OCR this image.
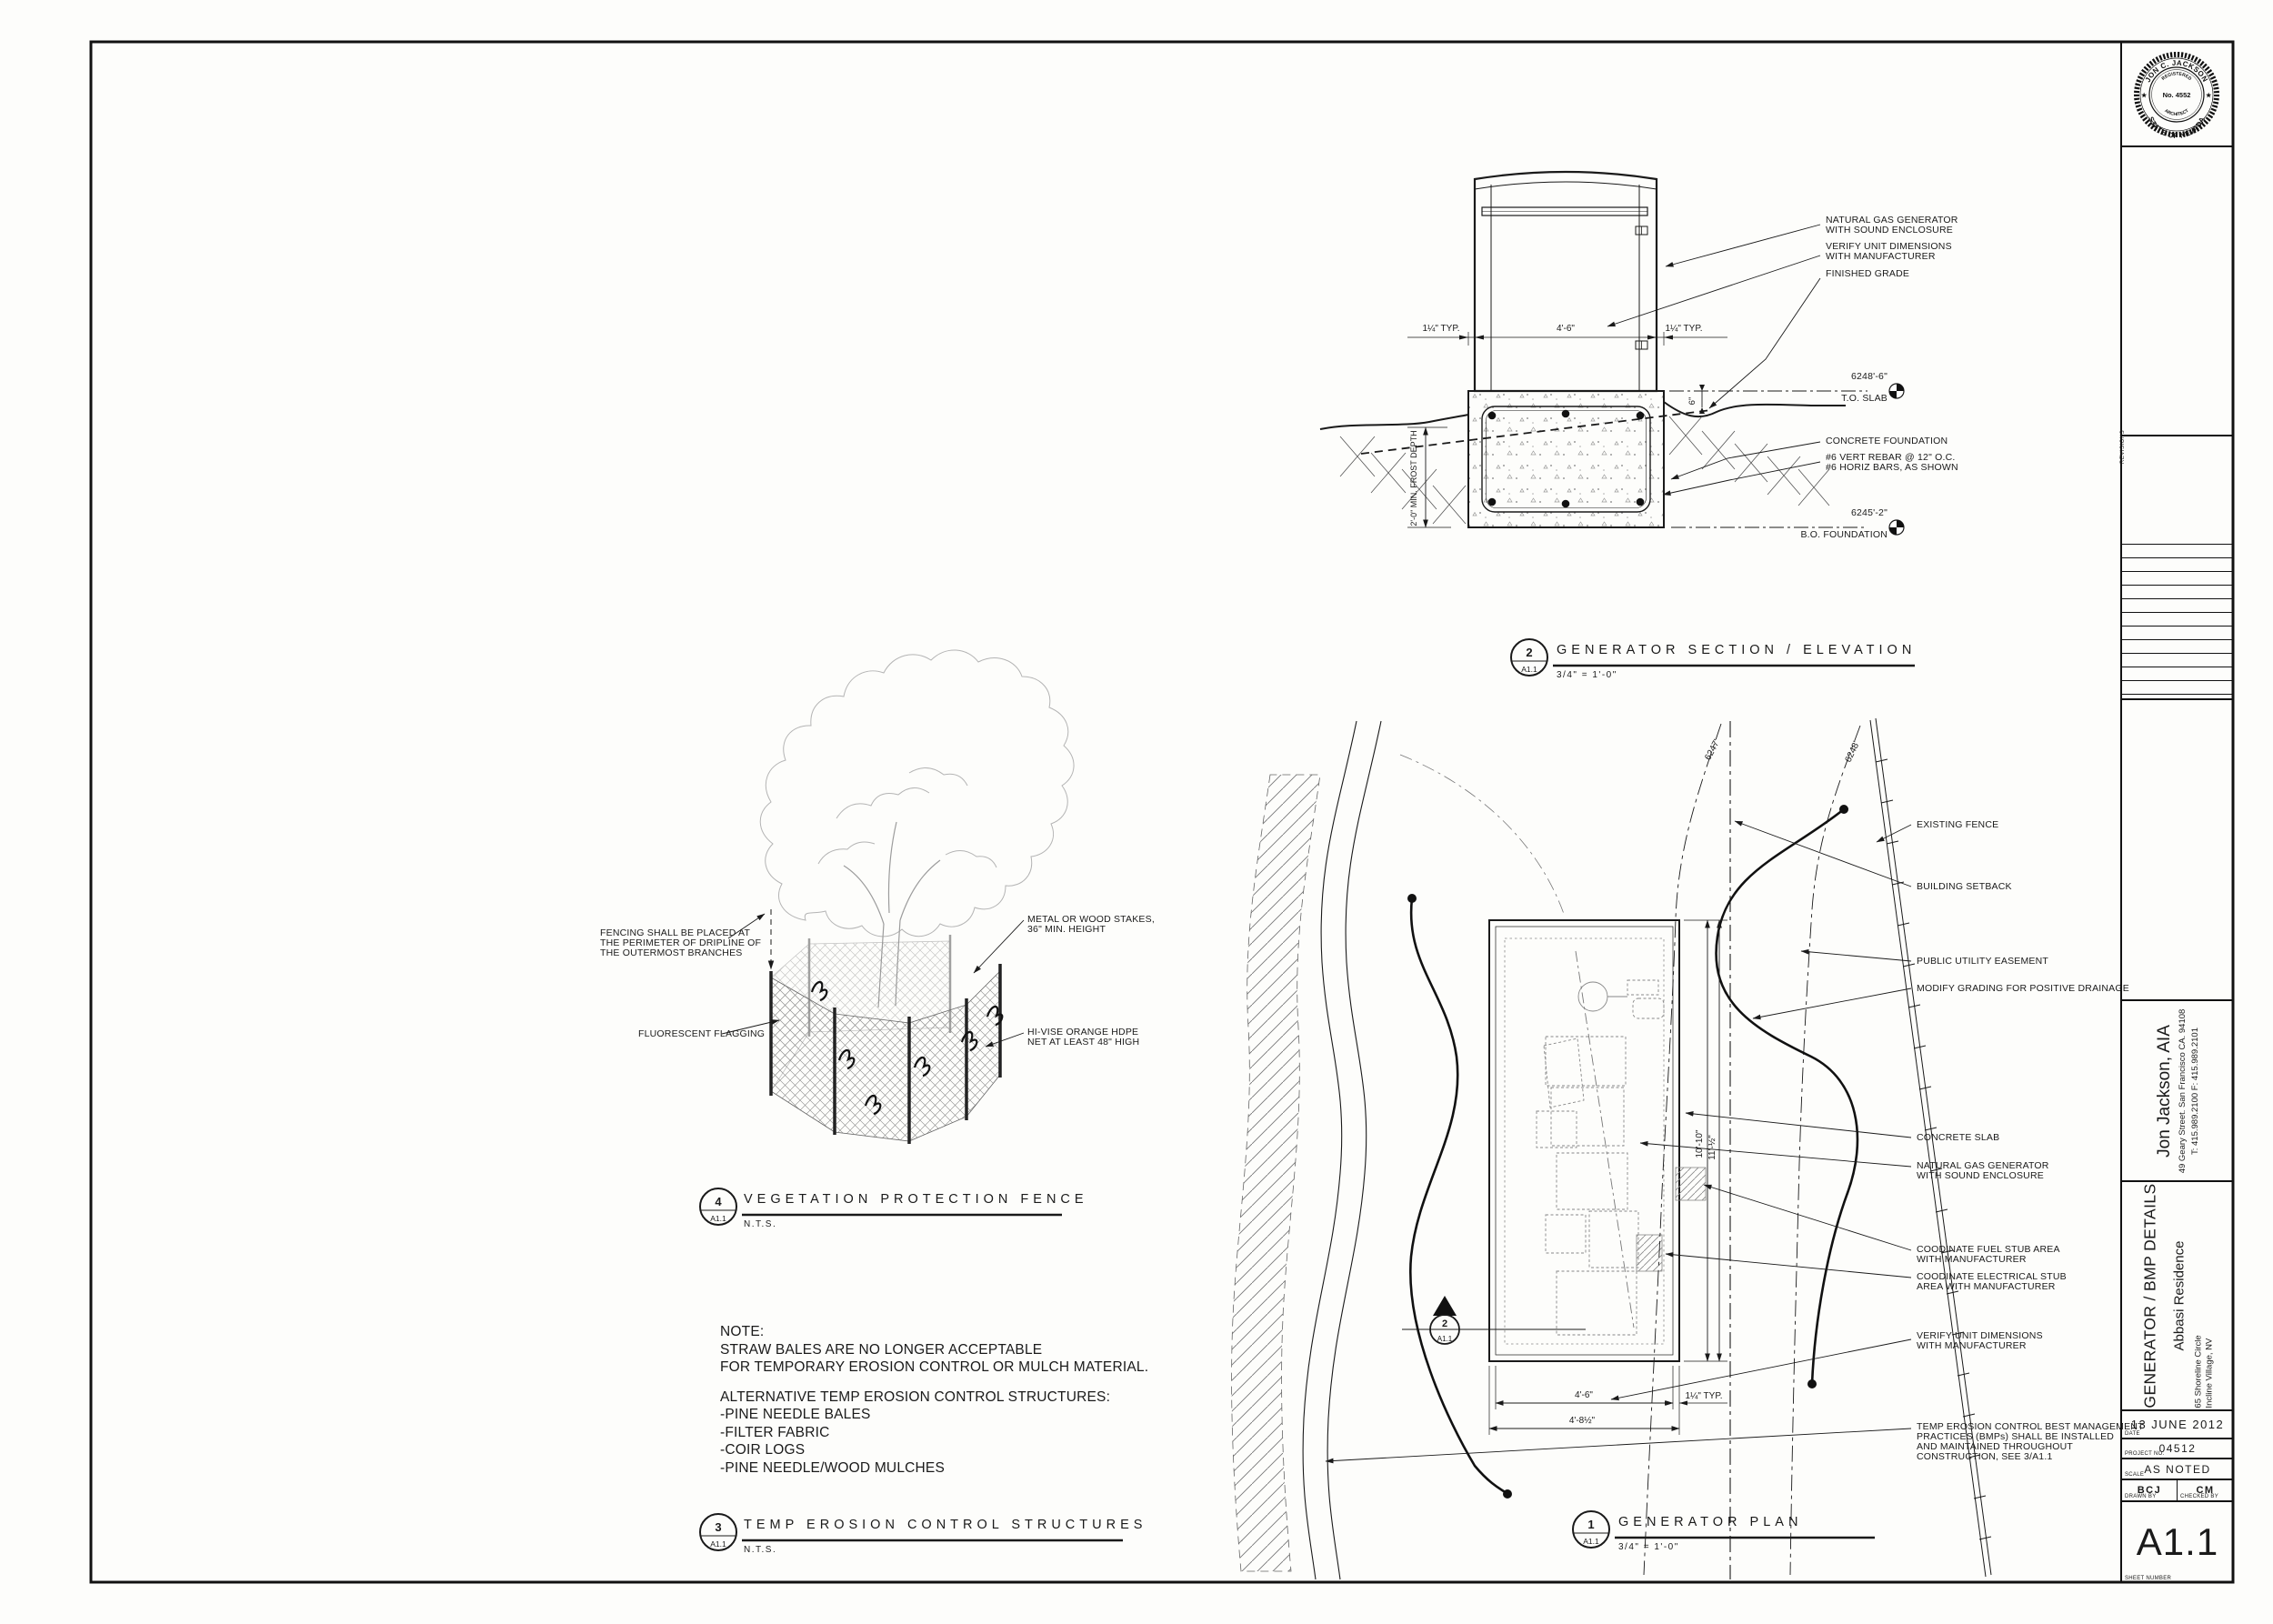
1¼" TYP.	4'-6"	1¼" TYP.
6"
2'-0" MIN. FROST DEPTH
2
A1.1
4
A1.1
3
A1.1
2
A1.1
4'-6"	1¼" TYP.
4'-8½"
10'-10" 11'-½"
6247'	6248'
1
A1.1
NATURAL GAS GENERATOR
WITH SOUND ENCLOSURE
VERIFY UNIT DIMENSIONS
WITH MANUFACTURER
FINISHED GRADE
CONCRETE FOUNDATION
#6 VERT REBAR @ 12" O.C.
#6 HORIZ BARS, AS SHOWN
6248'-6"
T.O. SLAB
6245'-2"
B.O. FOUNDATION
GENERATOR SECTION / ELEVATION
3/4" = 1'-0"
FENCING SHALL BE PLACED AT
THE PERIMETER OF DRIPLINE OF
THE OUTERMOST BRANCHES
FLUORESCENT FLAGGING
METAL OR WOOD STAKES,
36" MIN. HEIGHT
HI-VISE ORANGE HDPE
NET AT LEAST 48" HIGH
VEGETATION PROTECTION FENCE
N.T.S.
NOTE:
STRAW BALES ARE NO LONGER ACCEPTABLE
FOR TEMPORARY EROSION CONTROL OR MULCH MATERIAL.
ALTERNATIVE TEMP EROSION CONTROL STRUCTURES:
-PINE NEEDLE BALES
-FILTER FABRIC
-COIR LOGS
-PINE NEEDLE/WOOD MULCHES
TEMP EROSION CONTROL STRUCTURES
N.T.S.
EXISTING FENCE
BUILDING SETBACK
PUBLIC UTILITY EASEMENT
MODIFY GRADING FOR POSITIVE DRAINAGE
CONCRETE SLAB
NATURAL GAS GENERATOR
WITH SOUND ENCLOSURE
COODINATE FUEL STUB AREA
WITH MANUFACTURER
COODINATE ELECTRICAL STUB
AREA WITH MANUFACTURER
VERIFY UNIT DIMENSIONS
WITH MANUFACTURER
TEMP EROSION CONTROL BEST MANAGEMENT
PRACTICES (BMPs) SHALL BE INSTALLED
AND MAINTAINED THROUGHOUT
CONSTRUCTION, SEE 3/A1.1
GENERATOR PLAN
3/4" = 1'-0"
JON C. JACKSON
REGISTERED
No. 4552
ARCHITECT
STATE OF NEVADA
★	★
REVISIONS
Jon Jackson, AIA 49 Geary Street. San Francisco CA. 94108 T: 415.989.2100 F: 415.989.2101
GENERATOR / BMP DETAILS Abbasi Residence
65 Shoreline Circle Incline Village, NV
13 JUNE 2012
DATE
04512
PROJECT NO.
AS NOTED
SCALE
BCJ
DRAWN BY
CM
CHECKED BY
A1.1
SHEET NUMBER
